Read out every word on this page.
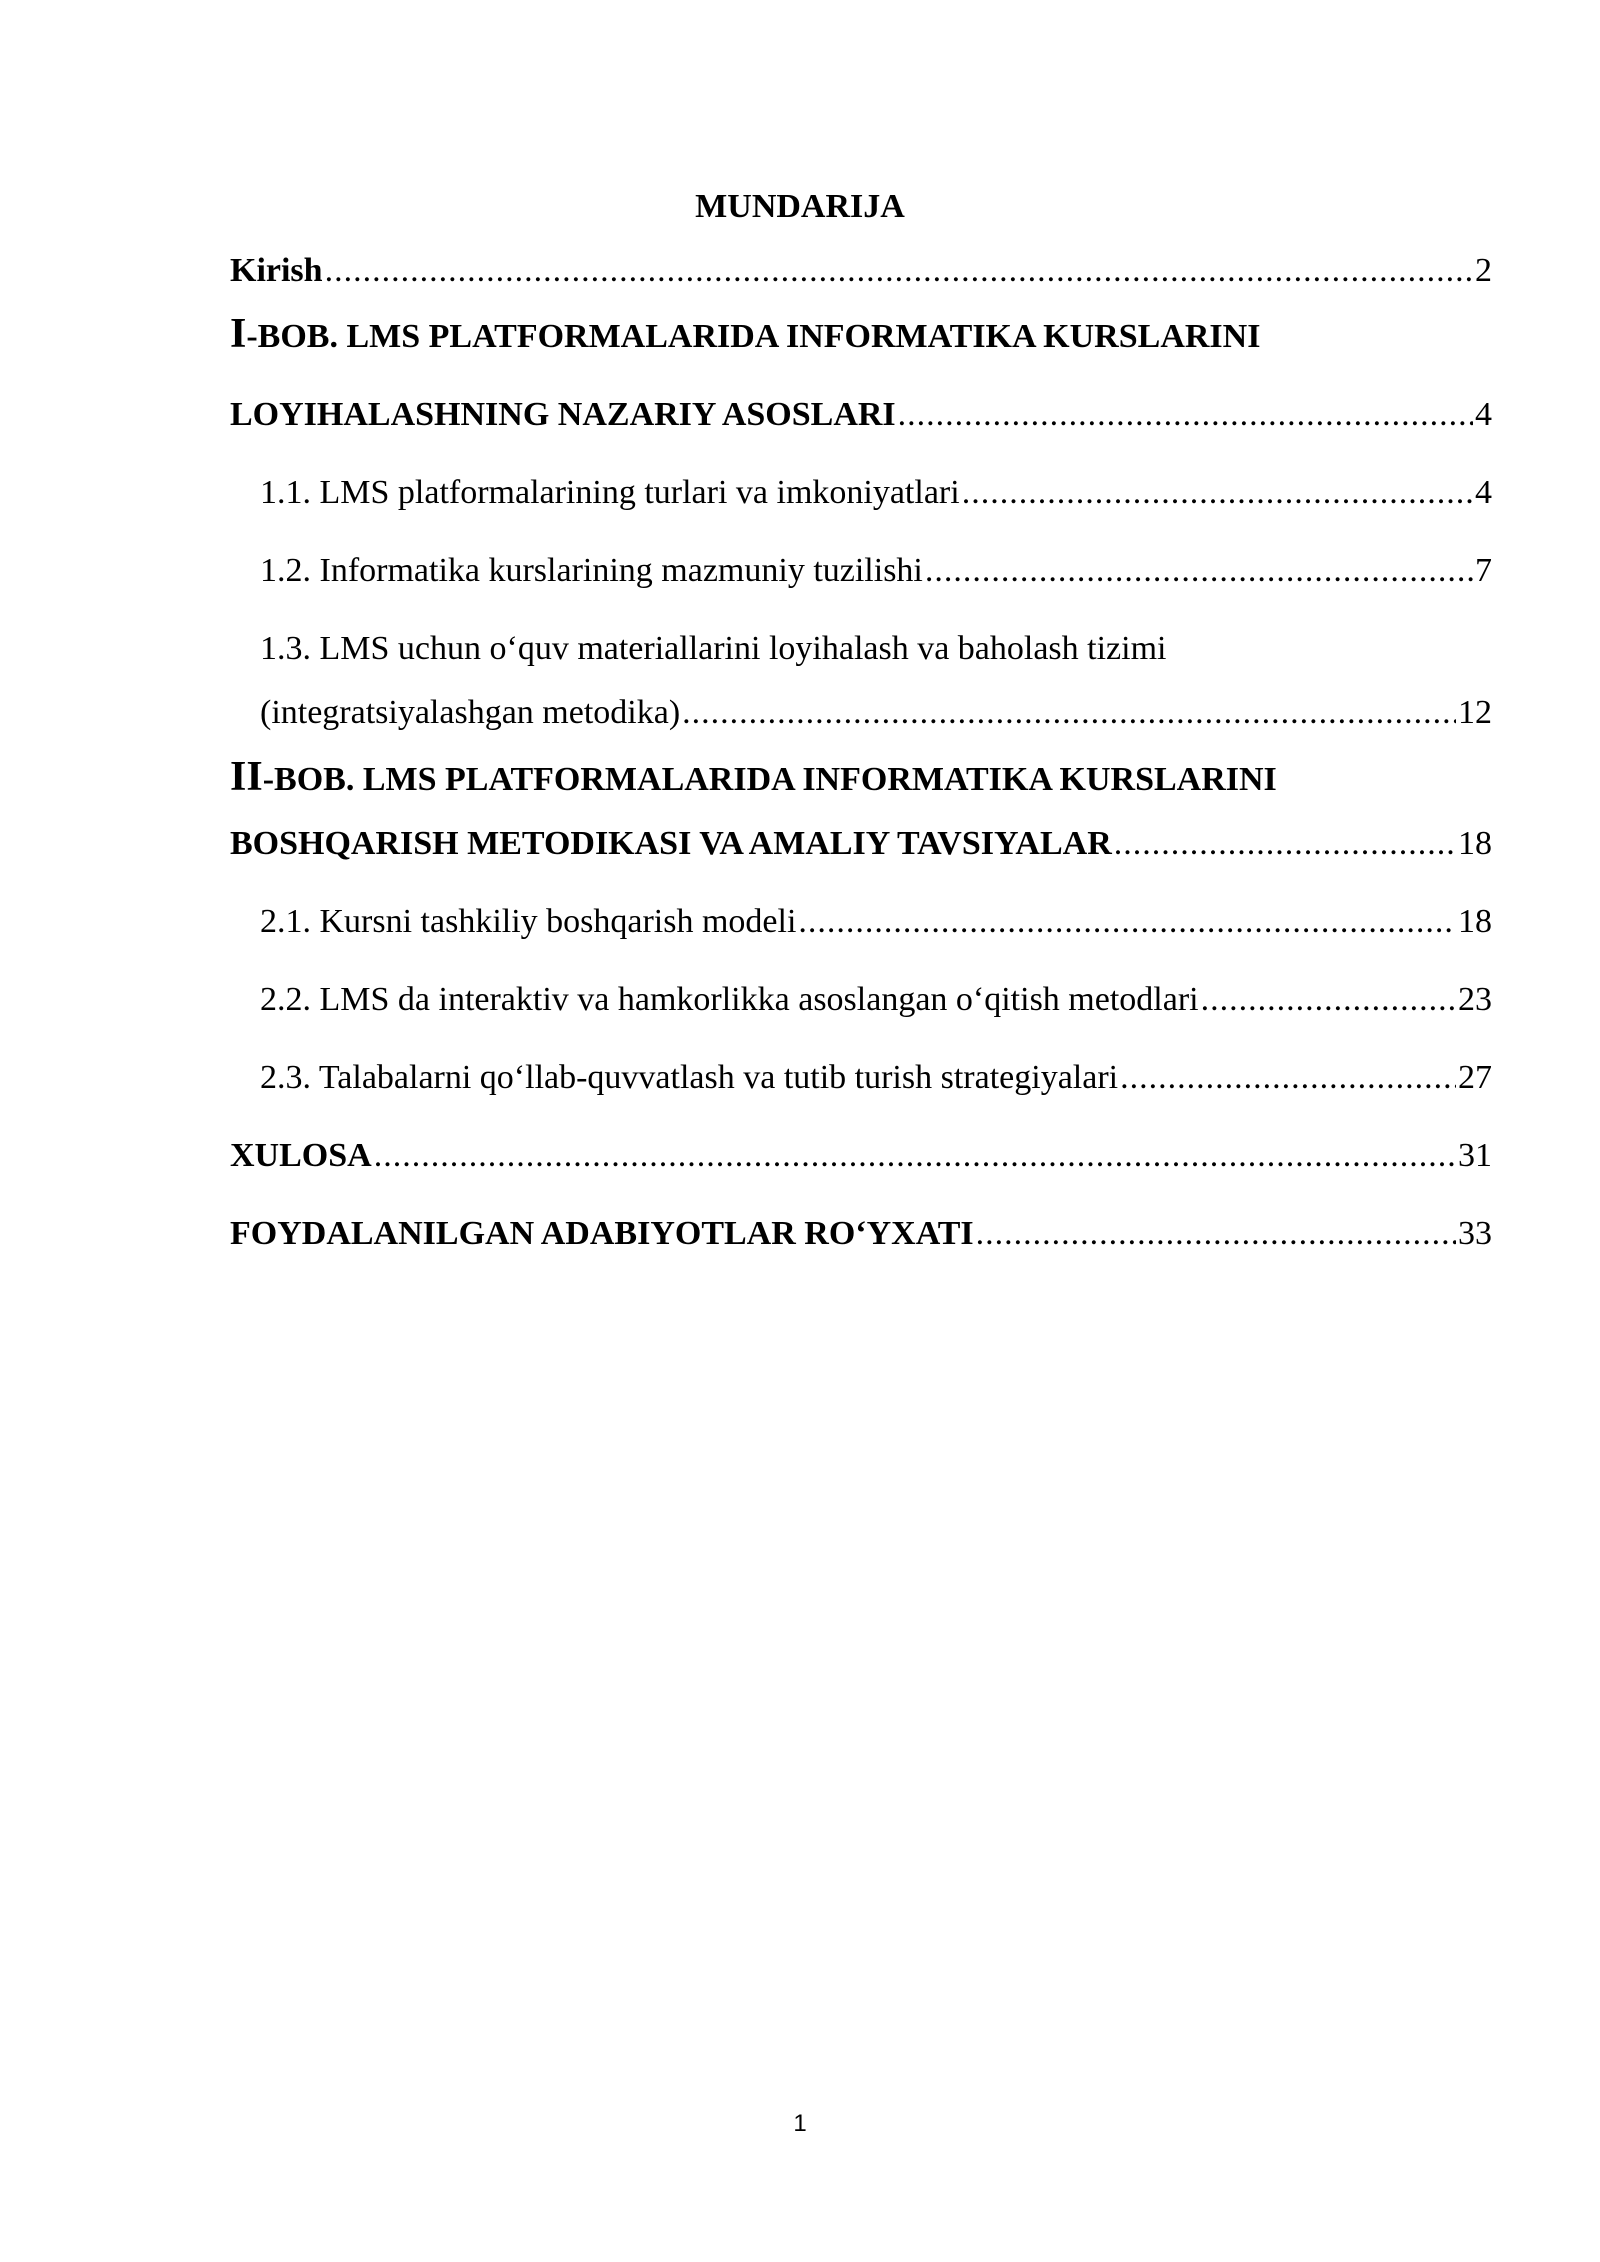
MUNDARIJA
Kirish .....	2
I-BOB. LMS PLATFORMALARIDA INFORMATIKA KURSLARINI
LOYIHALASHNING NAZARIY ASOSLARI .....	4
1.1. LMS platformalarining turlari va imkoniyatlari .....	4
1.2. Informatika kurslarining mazmuniy tuzilishi .....	7
1.3. LMS uchun o‘quv materiallarini loyihalash va baholash tizimi
(integratsiyalashgan metodika) .....	12
II-BOB. LMS PLATFORMALARIDA INFORMATIKA KURSLARINI
BOSHQARISH METODIKASI VA AMALIY TAVSIYALAR .....	18
2.1. Kursni tashkiliy boshqarish modeli .....	18
2.2. LMS da interaktiv va hamkorlikka asoslangan o‘qitish metodlari .....	23
2.3. Talabalarni qo‘llab-quvvatlash va tutib turish strategiyalari .....	27
XULOSA .....	31
FOYDALANILGAN ADABIYOTLAR RO‘YXATI .....	33
1
